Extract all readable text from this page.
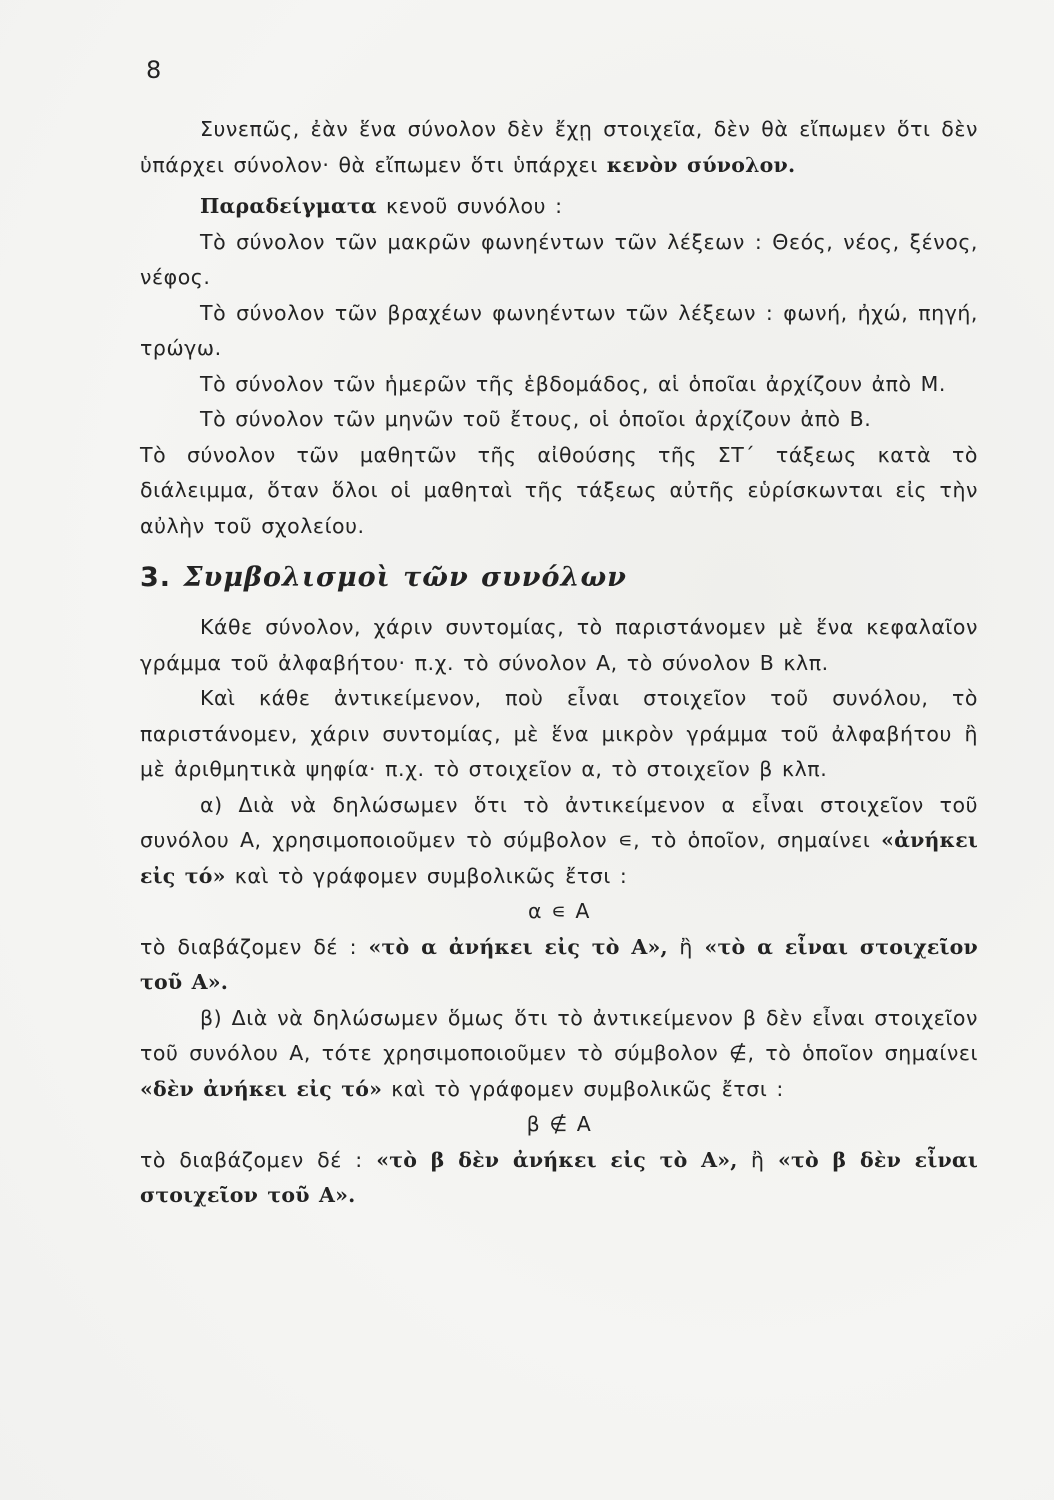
8

Συνεπῶς, ἐὰν ἕνα σύνολον δὲν ἔχῃ στοιχεῖα, δὲν θὰ εἴπωμεν ὅτι δὲν ὑπάρχει σύνολον· θὰ εἴπωμεν ὅτι ὑπάρχει κενὸν σύνολον.

Παραδείγματα κενοῦ συνόλου :

Τὸ σύνολον τῶν μακρῶν φωνηέντων τῶν λέξεων : Θεός, νέος, ξένος, νέφος.

Τὸ σύνολον τῶν βραχέων φωνηέντων τῶν λέξεων : φωνή, ἠχώ, πηγή, τρώγω.

Τὸ σύνολον τῶν ἡμερῶν τῆς ἑβδομάδος, αἱ ὁποῖαι ἀρχίζουν ἀπὸ Μ.

Τὸ σύνολον τῶν μηνῶν τοῦ ἔτους, οἱ ὁποῖοι ἀρχίζουν ἀπὸ Β.

Τὸ σύνολον τῶν μαθητῶν τῆς αἰθούσης τῆς ΣΤ΄ τάξεως κατὰ τὸ διάλειμμα, ὅταν ὅλοι οἱ μαθηταὶ τῆς τάξεως αὐτῆς εὑρίσκωνται εἰς τὴν αὐλὴν τοῦ σχολείου.

3. Συμβολισμοὶ τῶν συνόλων

Κάθε σύνολον, χάριν συντομίας, τὸ παριστάνομεν μὲ ἕνα κεφαλαῖον γράμμα τοῦ ἀλφαβήτου· π.χ. τὸ σύνολον Α, τὸ σύνολον Β κλπ.

Καὶ κάθε ἀντικείμενον, ποὺ εἶναι στοιχεῖον τοῦ συνόλου, τὸ παριστάνομεν, χάριν συντομίας, μὲ ἕνα μικρὸν γράμμα τοῦ ἀλφαβήτου ἢ μὲ ἀριθμητικὰ ψηφία· π.χ. τὸ στοιχεῖον α, τὸ στοιχεῖον β κλπ.

α) Διὰ νὰ δηλώσωμεν ὅτι τὸ ἀντικείμενον α εἶναι στοιχεῖον τοῦ συνόλου Α, χρησιμοποιοῦμεν τὸ σύμβολον ∊, τὸ ὁποῖον, σημαίνει «ἀνήκει εἰς τό» καὶ τὸ γράφομεν συμβολικῶς ἔτσι :

α ∊ Α

τὸ διαβάζομεν δέ : «τὸ α ἀνήκει εἰς τὸ Α», ἢ «τὸ α εἶναι στοιχεῖον τοῦ Α».

β) Διὰ νὰ δηλώσωμεν ὅμως ὅτι τὸ ἀντικείμενον β δὲν εἶναι στοιχεῖον τοῦ συνόλου Α, τότε χρησιμοποιοῦμεν τὸ σύμβολον ∉, τὸ ὁποῖον σημαίνει «δὲν ἀνήκει εἰς τό» καὶ τὸ γράφομεν συμβολικῶς ἔτσι :

β ∉ Α

τὸ διαβάζομεν δέ : «τὸ β δὲν ἀνήκει εἰς τὸ Α», ἢ «τὸ β δὲν εἶναι στοιχεῖον τοῦ Α».
